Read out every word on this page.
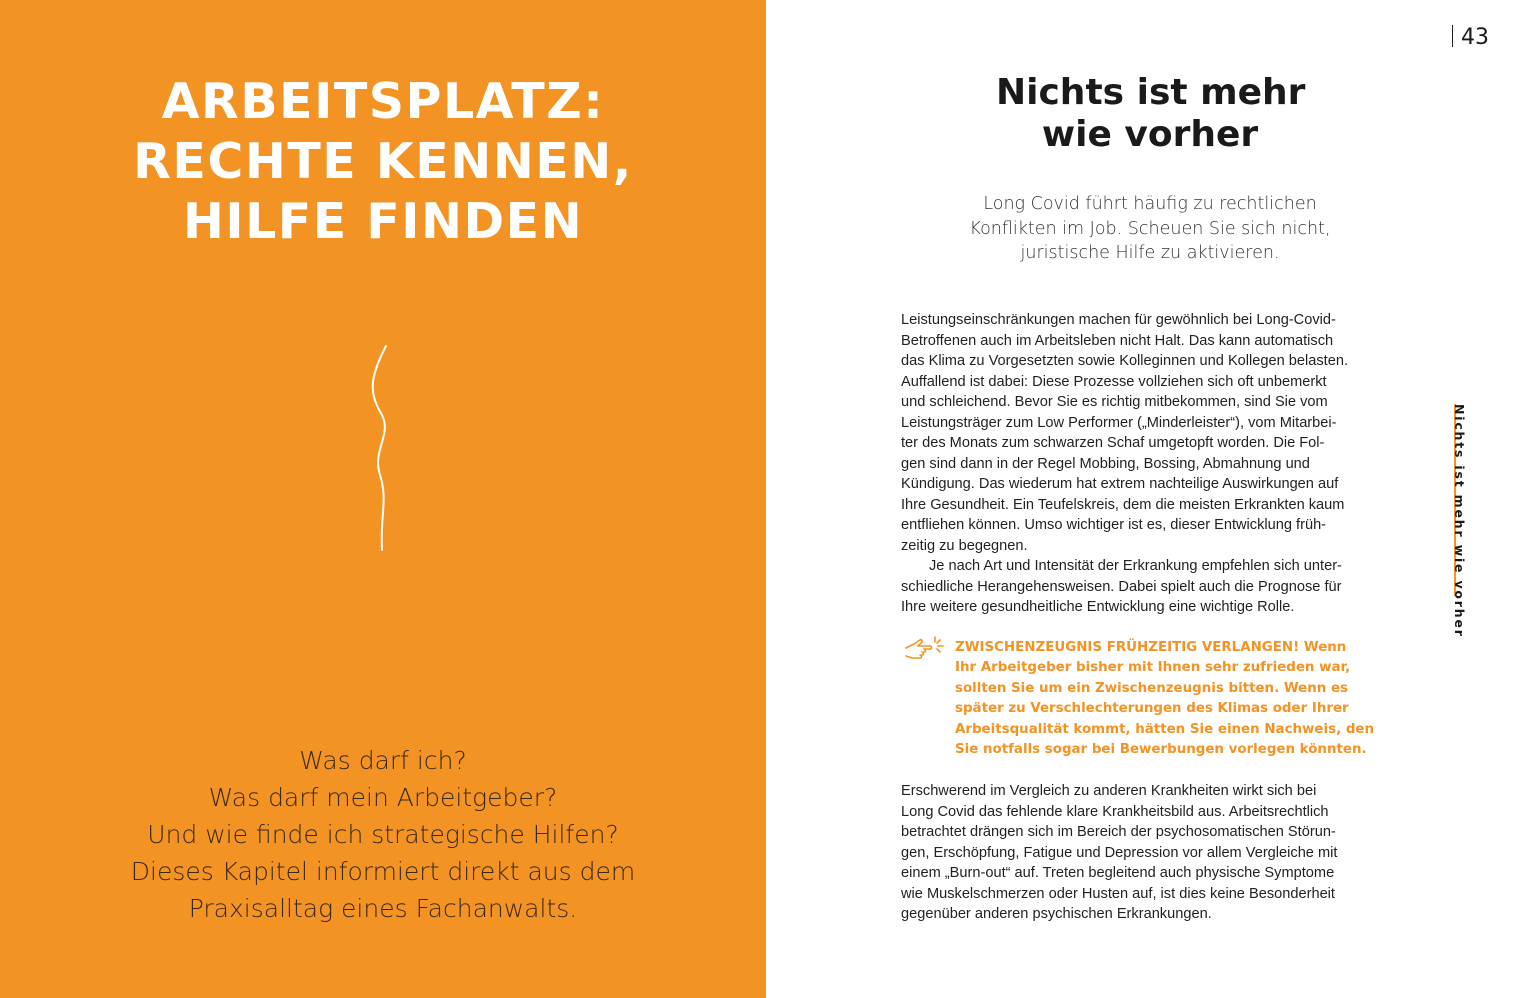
ARBEITSPLATZ:
RECHTE KENNEN,
HILFE FINDEN
Was darf ich?
Was darf mein Arbeitgeber?
Und wie finde ich strategische Hilfen?
Dieses Kapitel informiert direkt aus dem
Praxisalltag eines Fachanwalts.
43
Nichts ist mehr
wie vorher
Long Covid führt häufig zu rechtlichen
Konflikten im Job. Scheuen Sie sich nicht,
juristische Hilfe zu aktivieren.
Leistungseinschränkungen machen für gewöhnlich bei Long-Covid-
Betroffenen auch im Arbeitsleben nicht Halt. Das kann automatisch
das Klima zu Vorgesetzten sowie Kolleginnen und Kollegen belasten.
Auffallend ist dabei: Diese Prozesse vollziehen sich oft unbemerkt
und schleichend. Bevor Sie es richtig mitbekommen, sind Sie vom
Leistungsträger zum Low Performer („Minderleister“), vom Mitarbei-
ter des Monats zum schwarzen Schaf umgetopft worden. Die Fol-
gen sind dann in der Regel Mobbing, Bossing, Abmahnung und
Kündigung. Das wiederum hat extrem nachteilige Auswirkungen auf
Ihre Gesundheit. Ein Teufelskreis, dem die meisten Erkrankten kaum
entfliehen können. Umso wichtiger ist es, dieser Entwicklung früh-
zeitig zu begegnen.
Je nach Art und Intensität der Erkrankung empfehlen sich unter-
schiedliche Herangehensweisen. Dabei spielt auch die Prognose für
Ihre weitere gesundheitliche Entwicklung eine wichtige Rolle.
ZWISCHENZEUGNIS FRÜHZEITIG VERLANGEN! Wenn
Ihr Arbeitgeber bisher mit Ihnen sehr zufrieden war,
sollten Sie um ein Zwischenzeugnis bitten. Wenn es
später zu Verschlechterungen des Klimas oder Ihrer
Arbeitsqualität kommt, hätten Sie einen Nachweis, den
Sie notfalls sogar bei Bewerbungen vorlegen könnten.
Erschwerend im Vergleich zu anderen Krankheiten wirkt sich bei
Long Covid das fehlende klare Krankheitsbild aus. Arbeitsrechtlich
betrachtet drängen sich im Bereich der psychosomatischen Störun-
gen, Erschöpfung, Fatigue und Depression vor allem Vergleiche mit
einem „Burn-out“ auf. Treten begleitend auch physische Symptome
wie Muskelschmerzen oder Husten auf, ist dies keine Besonderheit
gegenüber anderen psychischen Erkrankungen.
Nichts ist mehr wie vorher
